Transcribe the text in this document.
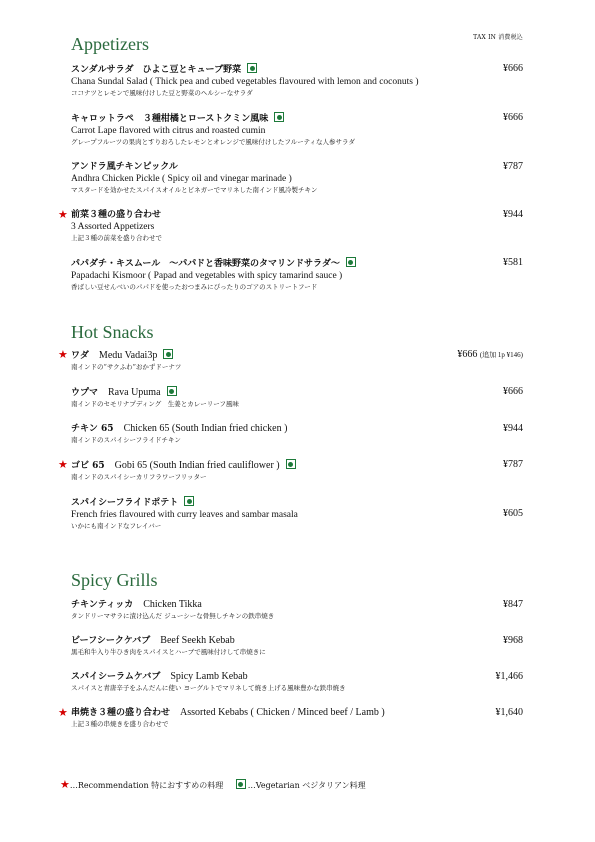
TAX IN 消費税込
Appetizers
スンダルサラダ　ひよこ豆とキューブ野菜
Chana Sundal Salad ( Thick pea and cubed vegetables flavoured with lemon and coconuts )
ココナツとレモンで風味付けした豆と野菜のヘルシーなサラダ
¥666
キャロットラペ　３種柑橘とローストクミン風味
Carrot Lape flavored with citrus and roasted cumin
グレープフルーツの果肉とすりおろしたレモンとオレンジで風味付けしたフルーティな人参サラダ
¥666
アンドラ風チキンピックル
Andhra Chicken Pickle ( Spicy oil and vinegar marinade )
マスタードを効かせたスパイスオイルとビネガーでマリネした南インド風冷製チキン
¥787
★ 前菜３種の盛り合わせ
3 Assorted Appetizers
上記３種の前菜を盛り合わせで
¥944
パパダチ・キスムール　～パパドと香味野菜のタマリンドサラダ～
Papadachi Kismoor ( Papad and vegetables with spicy tamarind sauce )
香ばしい豆せんべいのパパドを使ったおつまみにぴったりのゴアのストリートフード
¥581
Hot Snacks
★ ワダ Medu Vadai3p
南インドの“サクふわ”おかずドーナツ
¥666 (追加 1p ¥146)
ウプマ Rava Upuma
南インドのセモリナプディング　生姜とカレーリーフ風味
¥666
チキン 65 Chicken 65 (South Indian fried chicken )
南インドのスパイシーフライドチキン
¥944
★ ゴビ 65 Gobi 65 (South Indian fried cauliflower )
南インドのスパイシーカリフラワーフリッター
¥787
スパイシーフライドポテト
French fries flavoured with curry leaves and sambar masala
いかにも南インドなフレイバー
¥605
Spicy Grills
チキンティッカ Chicken Tikka
タンドリーマサラに漬け込んだ ジューシーな骨無しチキンの鉄串焼き
¥847
ビーフシークケバブ Beef Seekh Kebab
黒毛和牛入り牛ひき肉をスパイスとハーブで風味付けして串焼きに
¥968
スパイシーラムケバブ Spicy Lamb Kebab
スパイスと青唐辛子をふんだんに使い ヨーグルトでマリネして焼き上げる風味豊かな鉄串焼き
¥1,466
★ 串焼き３種の盛り合わせ Assorted Kebabs ( Chicken / Minced beef / Lamb )
上記３種の串焼きを盛り合わせで
¥1,640
★…Recommendation 特におすすめの料理	…Vegetarian ベジタリアン料理
